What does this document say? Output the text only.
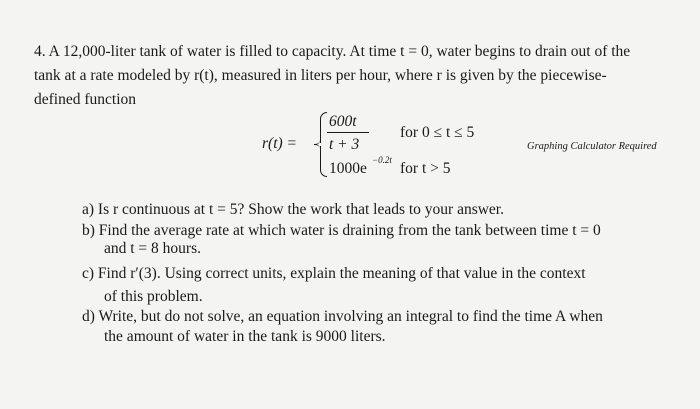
4. A 12,000-liter tank of water is filled to capacity. At time t = 0, water begins to drain out of the
tank at a rate modeled by r(t), measured in liters per hour, where r is given by the piecewise-
defined function
r(t) =
600t
t + 3
for 0 ≤ t ≤ 5
1000e −0.2t for t > 5
Graphing Calculator Required
a) Is r continuous at t = 5? Show the work that leads to your answer.
b) Find the average rate at which water is draining from the tank between time t = 0
and t = 8 hours.
c) Find r′(3). Using correct units, explain the meaning of that value in the context
of this problem.
d) Write, but do not solve, an equation involving an integral to find the time A when
the amount of water in the tank is 9000 liters.
